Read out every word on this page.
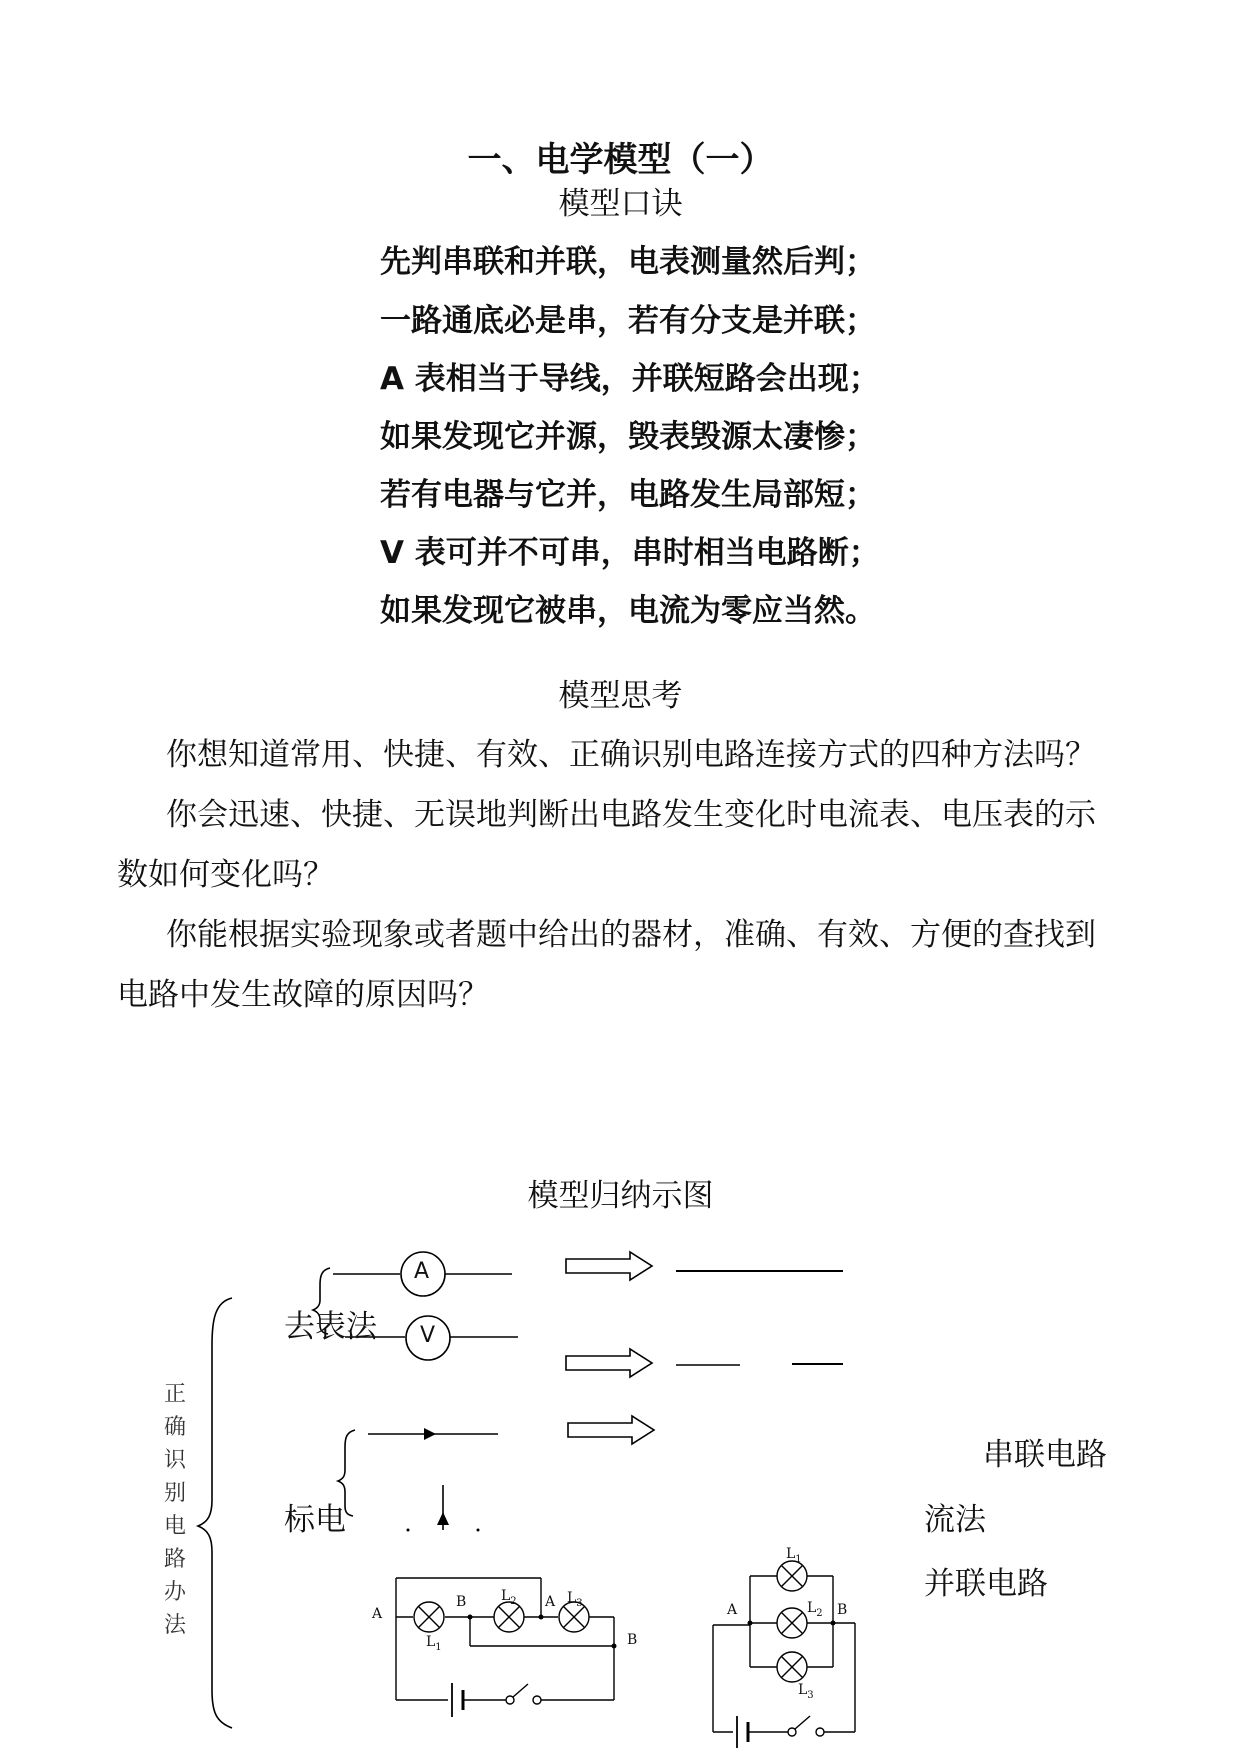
一、电学模型（一）
模型口诀
先判串联和并联，电表测量然后判；
一路通底必是串，若有分支是并联；
A 表相当于导线，并联短路会出现；
如果发现它并源，毁表毁源太凄惨；
若有电器与它并，电路发生局部短；
V 表可并不可串，串时相当电路断；
如果发现它被串，电流为零应当然。
模型思考
你想知道常用、快捷、有效、正确识别电路连接方式的四种方法吗？
你会迅速、快捷、无误地判断出电路发生变化时电流表、电压表的示
数如何变化吗？
你能根据实验现象或者题中给出的器材，准确、有效、方便的查找到
电路中发生故障的原因吗？
模型归纳示图
A
V
正确识别电路办法
去表法
标电
串联电路
流法
并联电路
A
B	A
B
$L_1$
$L_2$	$L_3$	A	B
$L_1$
$L_2$
$L_3$
